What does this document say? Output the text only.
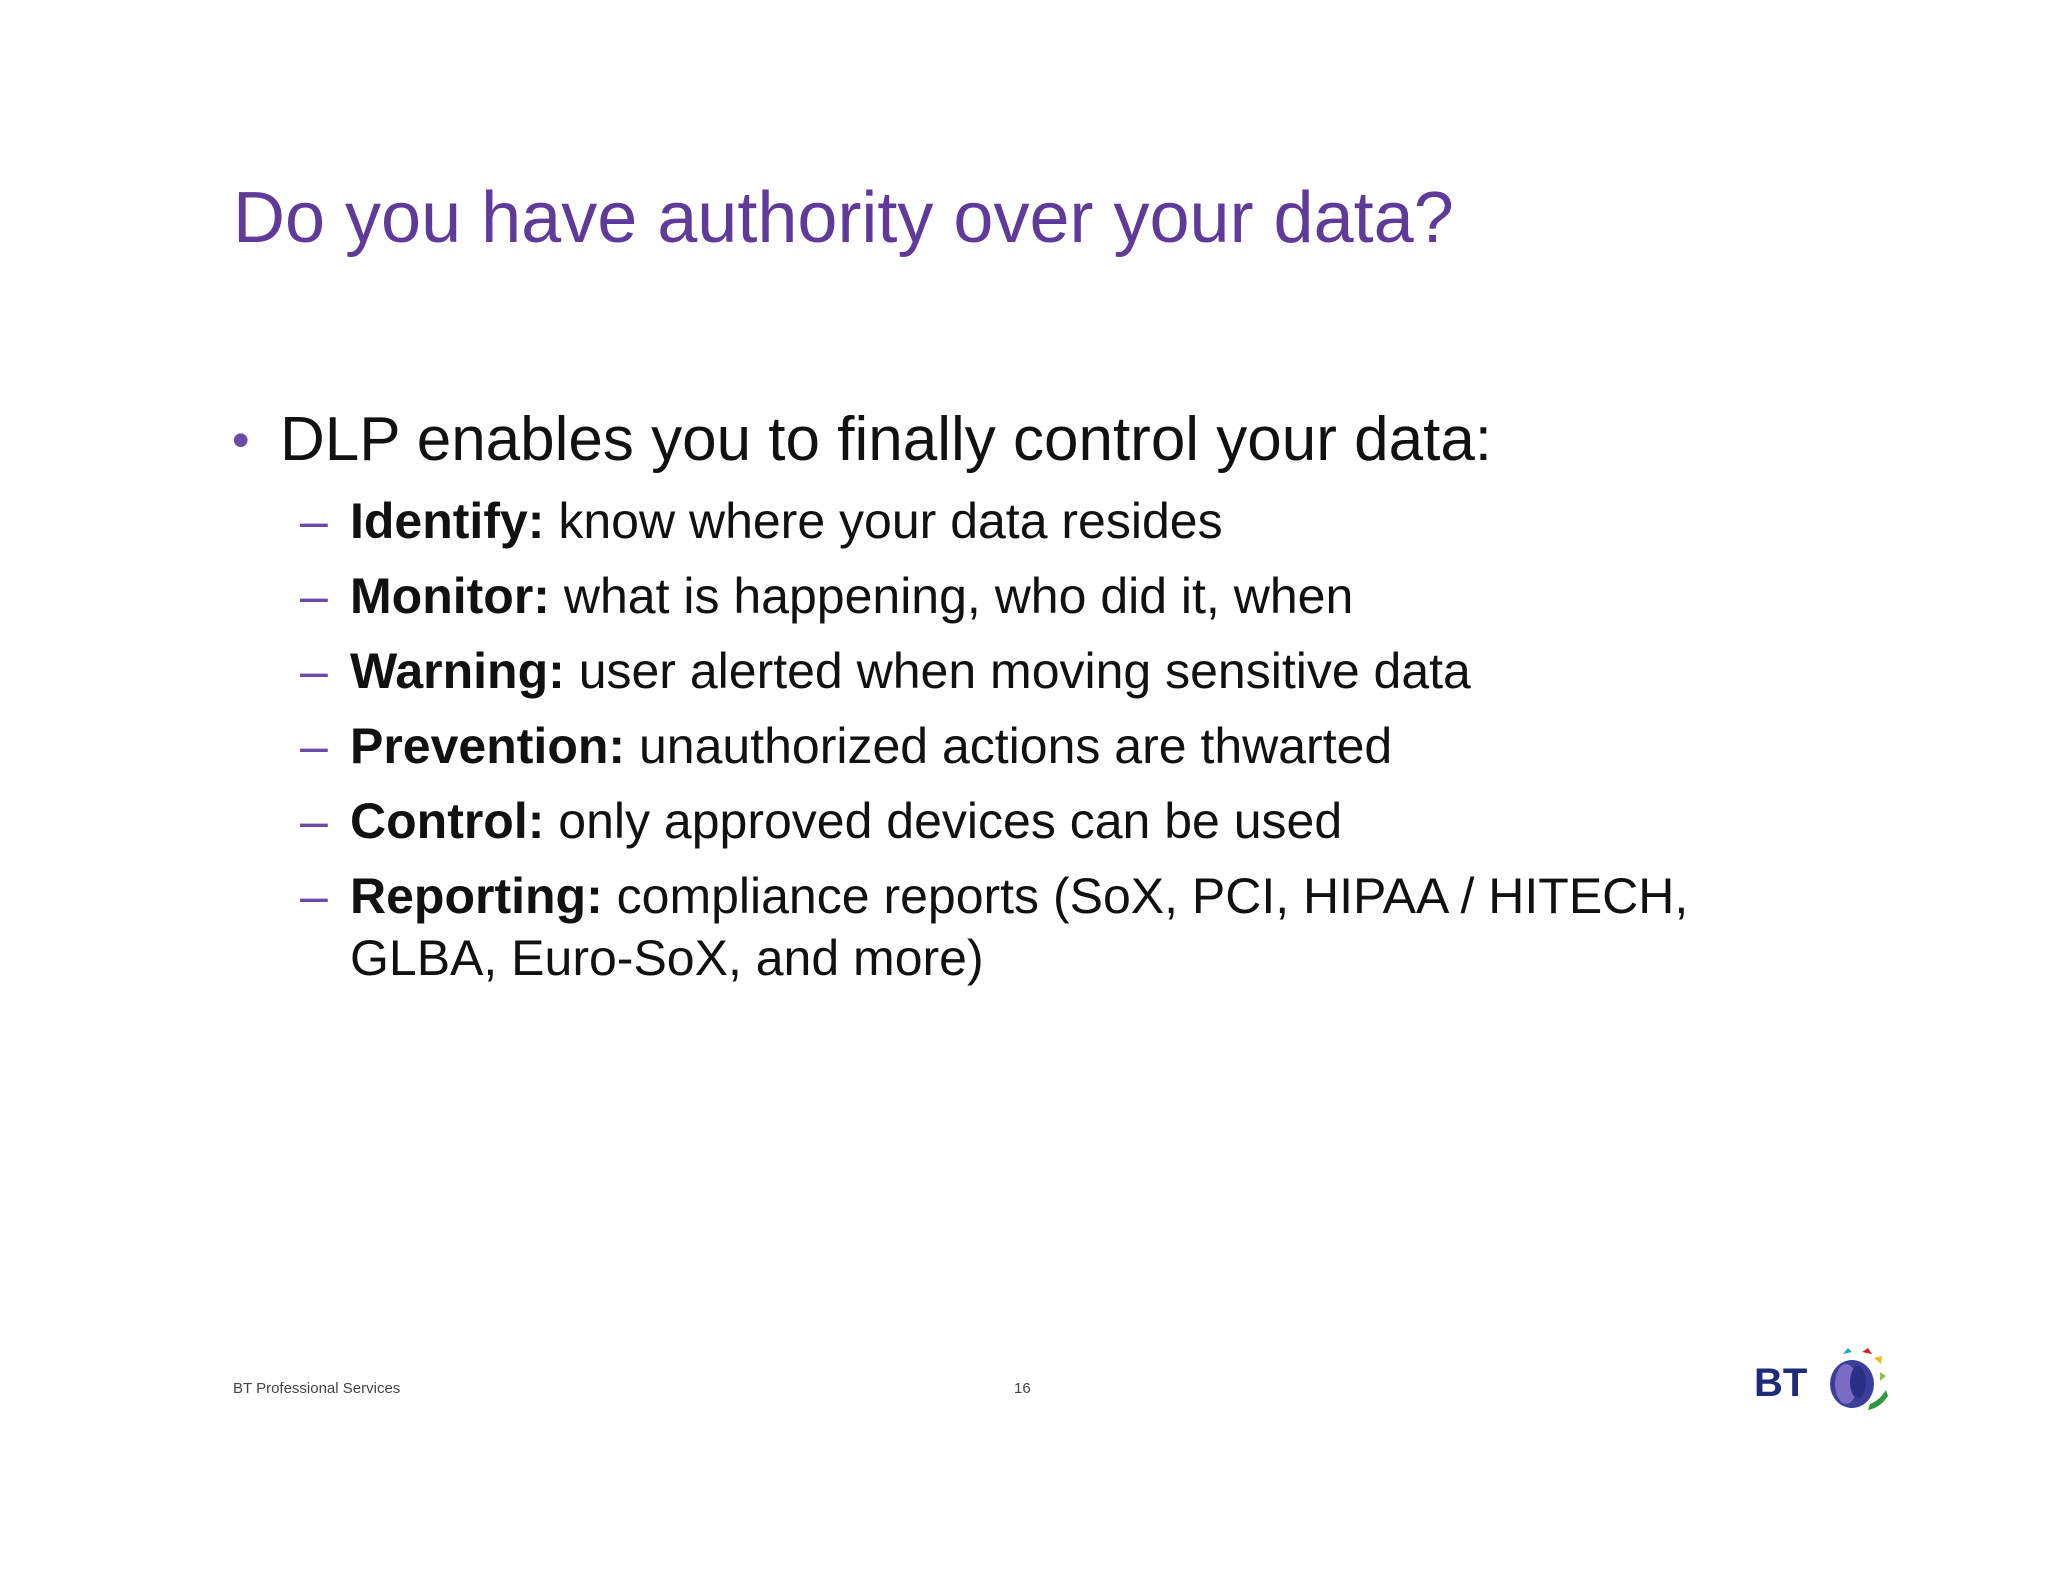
Do you have authority over your data?
• DLP enables you to finally control your data:
– Identify: know where your data resides
– Monitor: what is happening, who did it, when
– Warning: user alerted when moving sensitive data
– Prevention: unauthorized actions are thwarted
– Control: only approved devices can be used
– Reporting: compliance reports (SoX, PCI, HIPAA / HITECH, GLBA, Euro-SoX, and more)
BT Professional Services	16	BT
